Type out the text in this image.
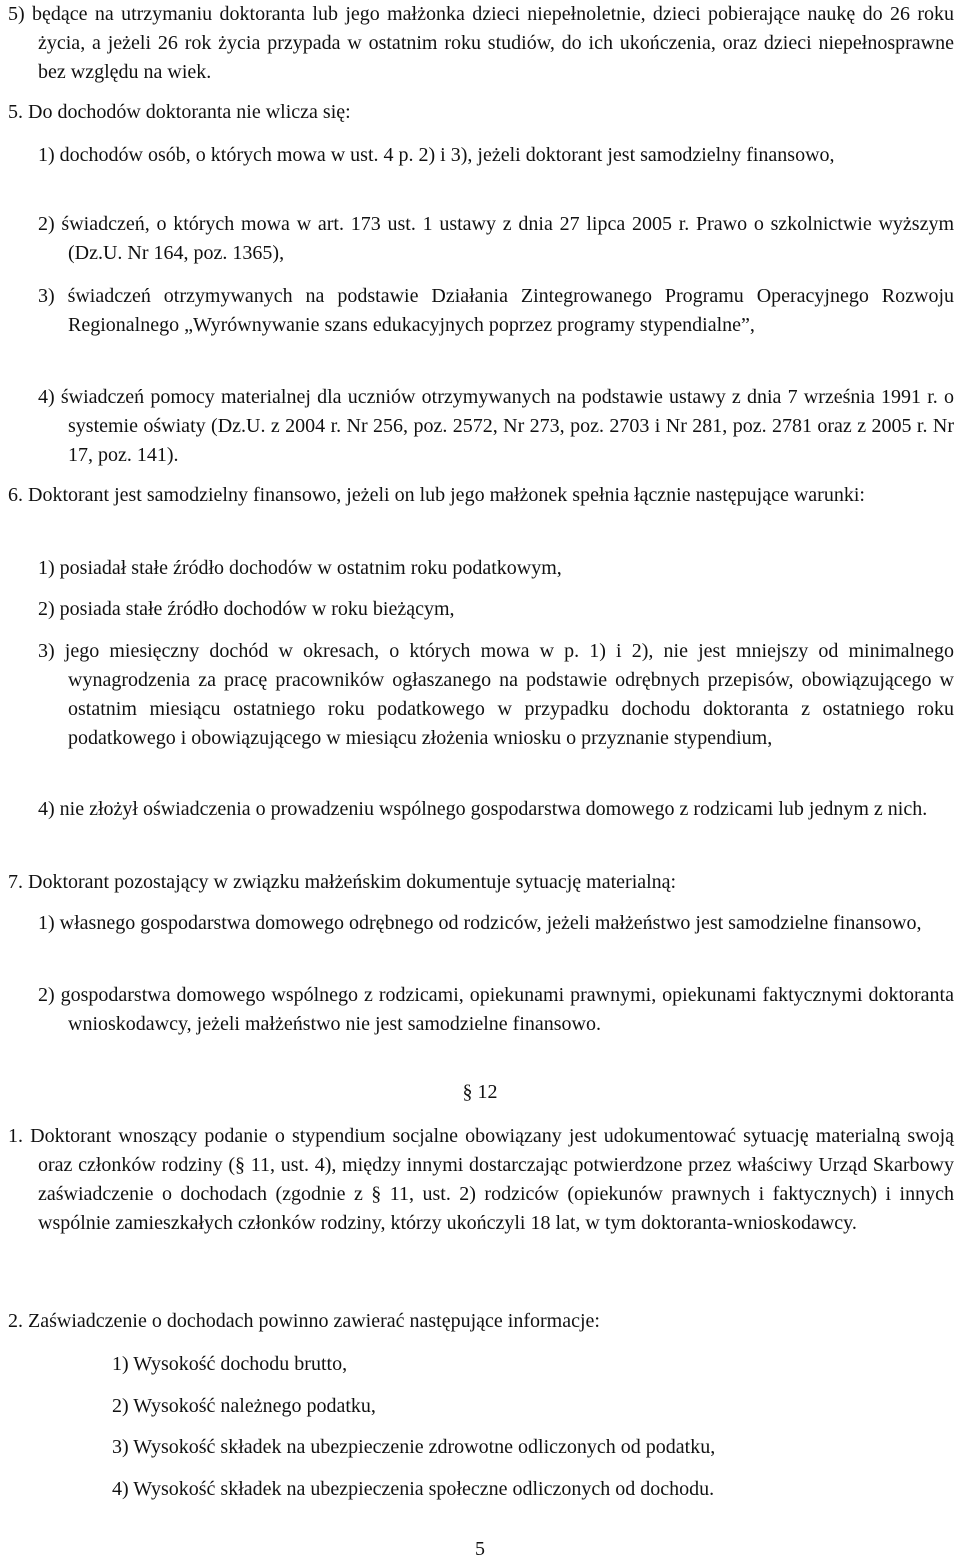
5) będące na utrzymaniu doktoranta lub jego małżonka dzieci niepełnoletnie, dzieci pobierające naukę do 26 roku życia, a jeżeli 26 rok życia przypada w ostatnim roku studiów, do ich ukończenia, oraz dzieci niepełnosprawne bez względu na wiek.
5. Do dochodów doktoranta nie wlicza się:
1) dochodów osób, o których mowa w ust. 4 p. 2) i 3), jeżeli doktorant jest samodzielny finansowo,
2) świadczeń, o których mowa w art. 173 ust. 1 ustawy z dnia 27 lipca 2005 r. Prawo o szkolnictwie wyższym (Dz.U. Nr 164, poz. 1365),
3) świadczeń otrzymywanych na podstawie Działania Zintegrowanego Programu Operacyjnego Rozwoju Regionalnego „Wyrównywanie szans edukacyjnych poprzez programy stypendialne”,
4) świadczeń pomocy materialnej dla uczniów otrzymywanych na podstawie ustawy z dnia 7 września 1991 r. o systemie oświaty (Dz.U. z 2004 r. Nr 256, poz. 2572, Nr 273, poz. 2703 i Nr 281, poz. 2781 oraz z 2005 r. Nr 17, poz. 141).
6. Doktorant jest samodzielny finansowo, jeżeli on lub jego małżonek spełnia łącznie następujące warunki:
1) posiadał stałe źródło dochodów w ostatnim roku podatkowym,
2) posiada stałe źródło dochodów w roku bieżącym,
3) jego miesięczny dochód w okresach, o których mowa w p. 1) i 2), nie jest mniejszy od minimalnego wynagrodzenia za pracę pracowników ogłaszanego na podstawie odrębnych przepisów, obowiązującego w ostatnim miesiącu ostatniego roku podatkowego w przypadku dochodu doktoranta z ostatniego roku podatkowego i obowiązującego w miesiącu złożenia wniosku o przyznanie stypendium,
4) nie złożył oświadczenia o prowadzeniu wspólnego gospodarstwa domowego z rodzicami lub jednym z nich.
7. Doktorant pozostający w związku małżeńskim dokumentuje sytuację materialną:
1) własnego gospodarstwa domowego odrębnego od rodziców, jeżeli małżeństwo jest samodzielne finansowo,
2) gospodarstwa domowego wspólnego z rodzicami, opiekunami prawnymi, opiekunami faktycznymi doktoranta wnioskodawcy, jeżeli małżeństwo nie jest samodzielne finansowo.
§ 12
1. Doktorant wnoszący podanie o stypendium socjalne obowiązany jest udokumentować sytuację materialną swoją oraz członków rodziny (§ 11, ust. 4), między innymi dostarczając potwierdzone przez właściwy Urząd Skarbowy zaświadczenie o dochodach (zgodnie z § 11, ust. 2) rodziców (opiekunów prawnych i faktycznych) i innych wspólnie zamieszkałych członków rodziny, którzy ukończyli 18 lat, w tym doktoranta-wnioskodawcy.
2. Zaświadczenie o dochodach powinno zawierać następujące informacje:
1) Wysokość dochodu brutto,
2) Wysokość należnego podatku,
3) Wysokość składek na ubezpieczenie zdrowotne odliczonych od podatku,
4) Wysokość składek na ubezpieczenia społeczne odliczonych od dochodu.
5
